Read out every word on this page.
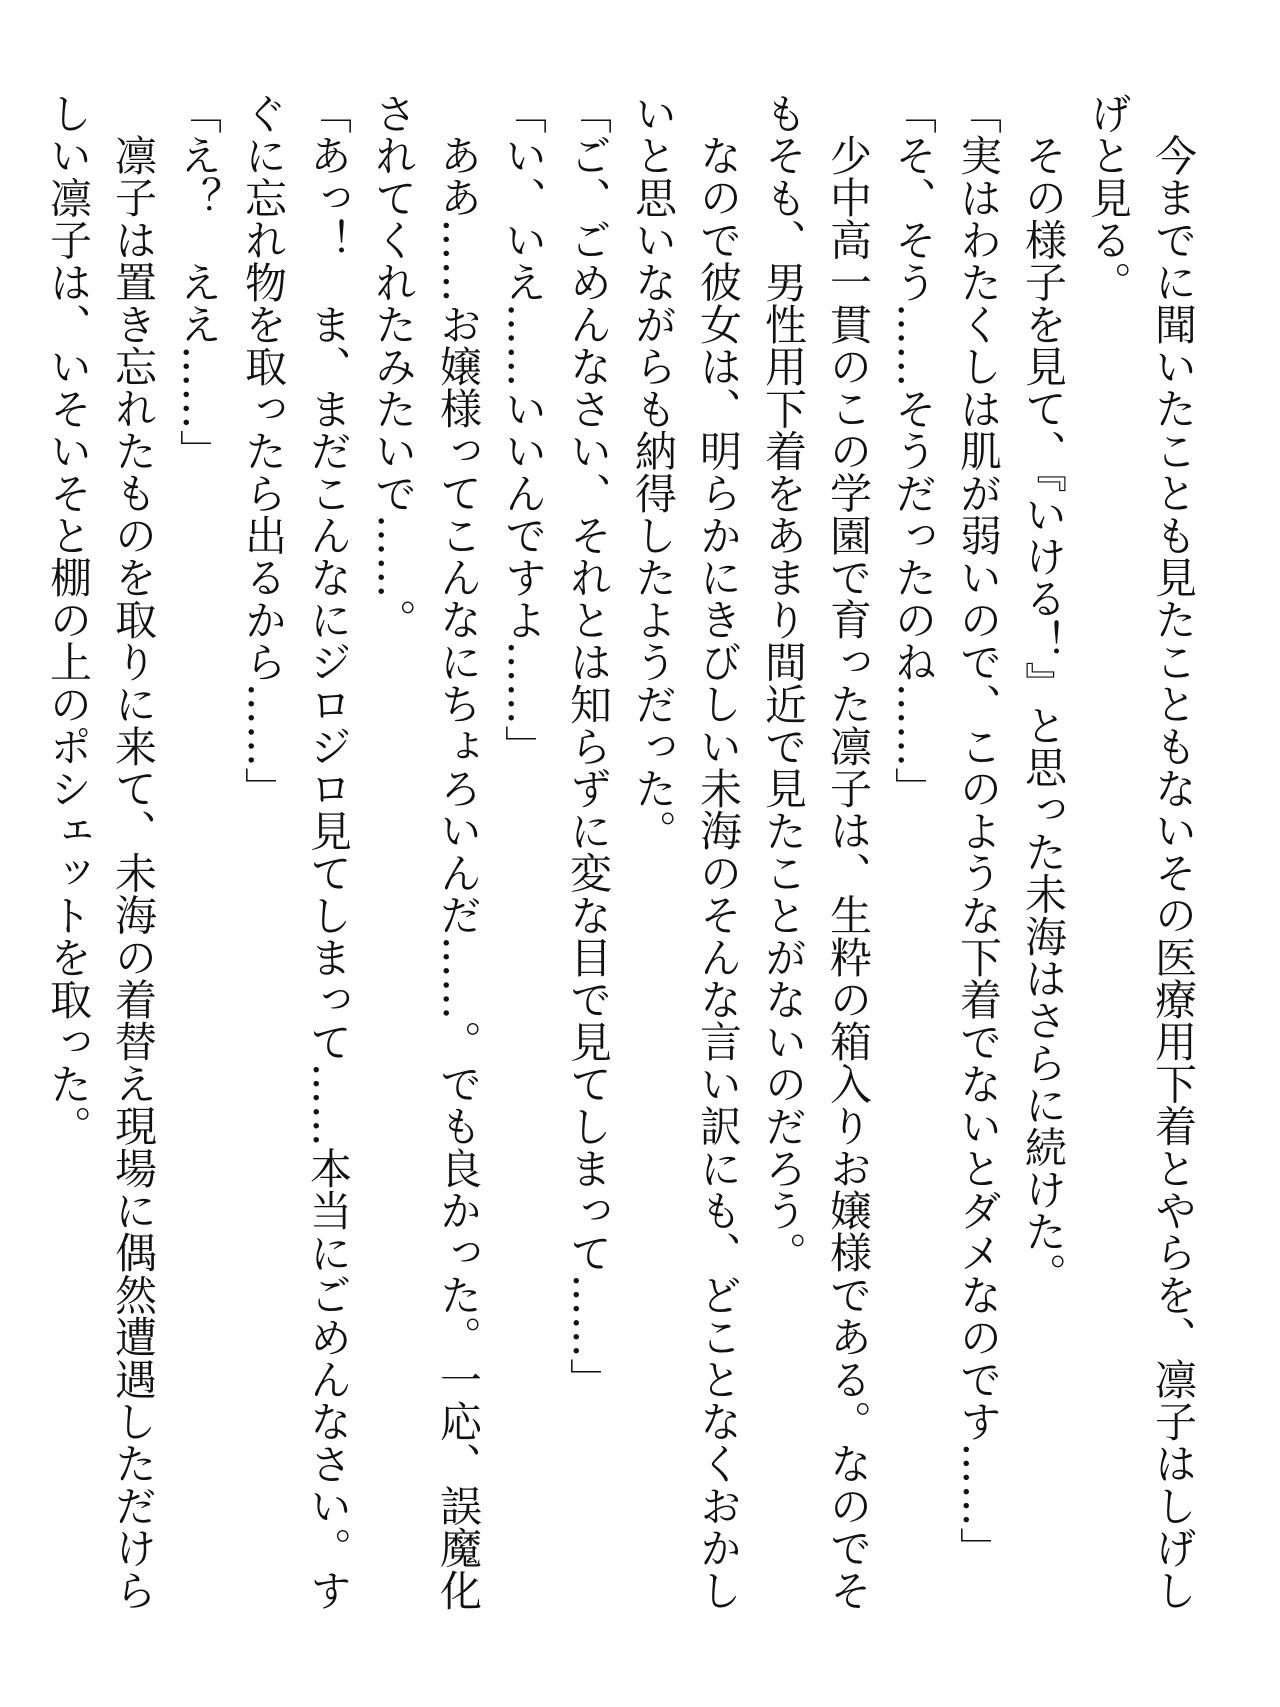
今までに聞いたことも見たこともないその医療用下着とやらを、凛子はしげしげと見る。

その様子を見て、『いける！』と思った未海はさらに続けた。

「実はわたくしは肌が弱いので、このような下着でないとダメなのです……」

「そ、そう……そうだったのね……」

少中高一貫のこの学園で育った凛子は、生粋の箱入りお嬢様である。なのでそもそも、男性用下着をあまり間近で見たことがないのだろう。

なので彼女は、明らかにきびしい未海のそんな言い訳にも、どことなくおかしいと思いながらも納得したようだった。

「ご、ごめんなさい、それとは知らずに変な目で見てしまって……」

「い、いえ……いいんですよ……」

ああ……お嬢様ってこんなにちょろいんだ……。でも良かった。一応、誤魔化されてくれたみたいで……。

「あっ！　ま、まだこんなにジロジロ見てしまって……本当にごめんなさい。すぐに忘れ物を取ったら出るから……」

「え？　ええ……」

凛子は置き忘れたものを取りに来て、未海の着替え現場に偶然遭遇しただけらしい凛子は、いそいそと棚の上のポシェットを取った。
